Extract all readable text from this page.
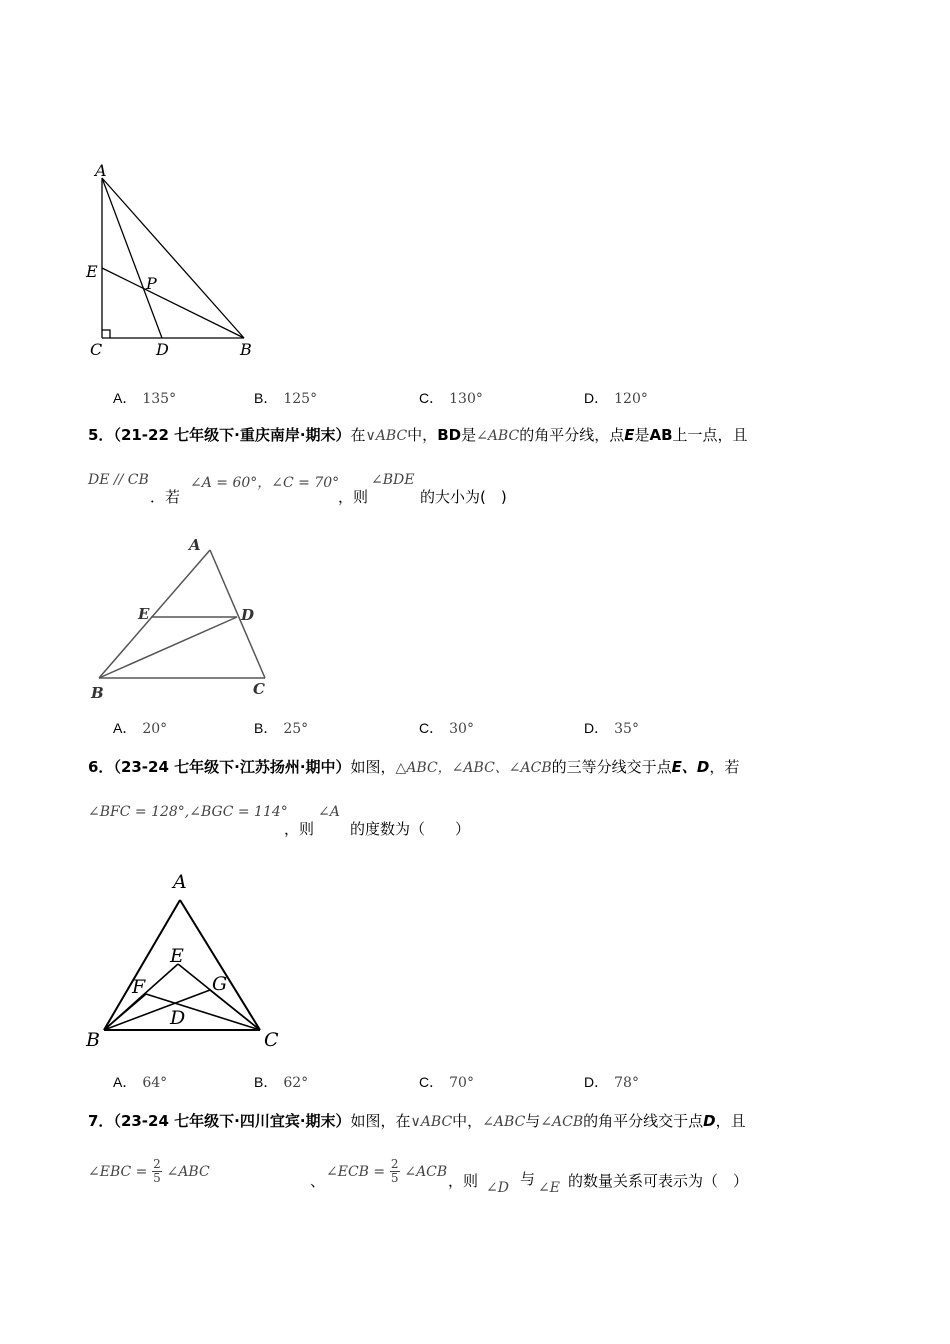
A
E
P
C	D	B
A． 135°	B． 125°	C． 130°	D． 120°
5．（21-22 七年级下·重庆南岸·期末）在∨ABC中，BD是∠ABC的角平分线，点E是AB上一点，且
DE // CB
．若
∠A = 60°，∠C = 70°
，则
∠BDE
的大小为(　)
A
E	D
B	C
A． 20°	B． 25°	C． 30°	D． 35°
6．（23-24 七年级下·江苏扬州·期中）如图，△ABC，∠ABC、∠ACB的三等分线交于点E、D，若
∠BFC = 128°,∠BGC = 114°
，则
∠A
的度数为（　　）
A
E
F	G
D
B	C
A． 64°	B． 62°	C． 70°	D． 78°
7．（23-24 七年级下·四川宜宾·期末）如图，在∨ABC中，∠ABC与∠ACB的角平分线交于点D，且
∠EBC = $\frac{2}{5}$ ∠ABC	、 ∠ECB = $\frac{2}{5}$ ∠ACB ，则 ∠D 与 ∠E 的数量关系可表示为（　）
